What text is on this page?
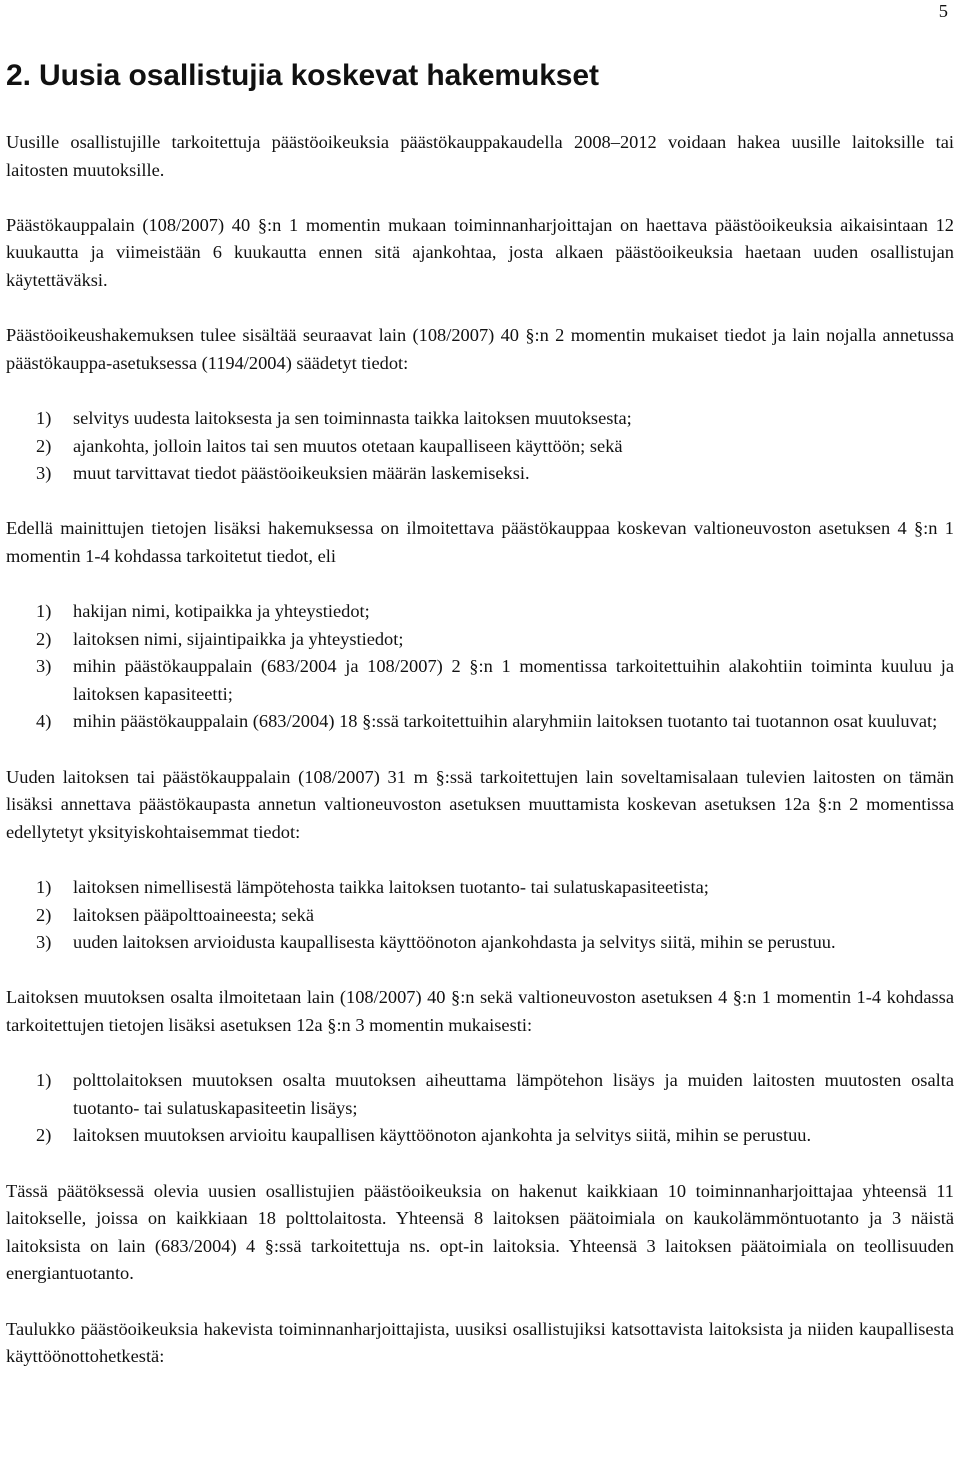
5
2. Uusia osallistujia koskevat hakemukset

Uusille osallistujille tarkoitettuja päästöoikeuksia päästökauppakaudella 2008–2012 voidaan hakea uusille laitoksille tai laitosten muutoksille.

Päästökauppalain (108/2007) 40 §:n 1 momentin mukaan toiminnanharjoittajan on haettava päästöoikeuksia aikaisintaan 12 kuukautta ja viimeistään 6 kuukautta ennen sitä ajankohtaa, josta alkaen päästöoikeuksia haetaan uuden osallistujan käytettäväksi.

Päästöoikeushakemuksen tulee sisältää seuraavat lain (108/2007) 40 §:n 2 momentin mukaiset tiedot ja lain nojalla annetussa päästökauppa-asetuksessa (1194/2004) säädetyt tiedot:

1) selvitys uudesta laitoksesta ja sen toiminnasta taikka laitoksen muutoksesta;
2) ajankohta, jolloin laitos tai sen muutos otetaan kaupalliseen käyttöön; sekä
3) muut tarvittavat tiedot päästöoikeuksien määrän laskemiseksi.

Edellä mainittujen tietojen lisäksi hakemuksessa on ilmoitettava päästökauppaa koskevan valtioneuvoston asetuksen 4 §:n 1 momentin 1-4 kohdassa tarkoitetut tiedot, eli

1) hakijan nimi, kotipaikka ja yhteystiedot;
2) laitoksen nimi, sijaintipaikka ja yhteystiedot;
3) mihin päästökauppalain (683/2004 ja 108/2007) 2 §:n 1 momentissa tarkoitettuihin alakohtiin toiminta kuuluu ja laitoksen kapasiteetti;
4) mihin päästökauppalain (683/2004) 18 §:ssä tarkoitettuihin alaryhmiin laitoksen tuotanto tai tuotannon osat kuuluvat;

Uuden laitoksen tai päästökauppalain (108/2007) 31 m §:ssä tarkoitettujen lain soveltamisalaan tulevien laitosten on tämän lisäksi annettava päästökaupasta annetun valtioneuvoston asetuksen muuttamista koskevan asetuksen 12a §:n 2 momentissa edellytetyt yksityiskohtaisemmat tiedot:

1) laitoksen nimellisestä lämpötehosta taikka laitoksen tuotanto- tai sulatuskapasiteetista;
2) laitoksen pääpolttoaineesta; sekä
3) uuden laitoksen arvioidusta kaupallisesta käyttöönoton ajankohdasta ja selvitys siitä, mihin se perustuu.

Laitoksen muutoksen osalta ilmoitetaan lain (108/2007) 40 §:n sekä valtioneuvoston asetuksen 4 §:n 1 momentin 1-4 kohdassa tarkoitettujen tietojen lisäksi asetuksen 12a §:n 3 momentin mukaisesti:

1) polttolaitoksen muutoksen osalta muutoksen aiheuttama lämpötehon lisäys ja muiden laitosten muutosten osalta tuotanto- tai sulatuskapasiteetin lisäys;
2) laitoksen muutoksen arvioitu kaupallisen käyttöönoton ajankohta ja selvitys siitä, mihin se perustuu.

Tässä päätöksessä olevia uusien osallistujien päästöoikeuksia on hakenut kaikkiaan 10 toiminnanharjoittajaa yhteensä 11 laitokselle, joissa on kaikkiaan 18 polttolaitosta. Yhteensä 8 laitoksen päätoimiala on kaukolämmöntuotanto ja 3 näistä laitoksista on lain (683/2004) 4 §:ssä tarkoitettuja ns. opt-in laitoksia. Yhteensä 3 laitoksen päätoimiala on teollisuuden energiantuotanto.

Taulukko päästöoikeuksia hakevista toiminnanharjoittajista, uusiksi osallistujiksi katsottavista laitoksista ja niiden kaupallisesta käyttöönottohetkestä:
